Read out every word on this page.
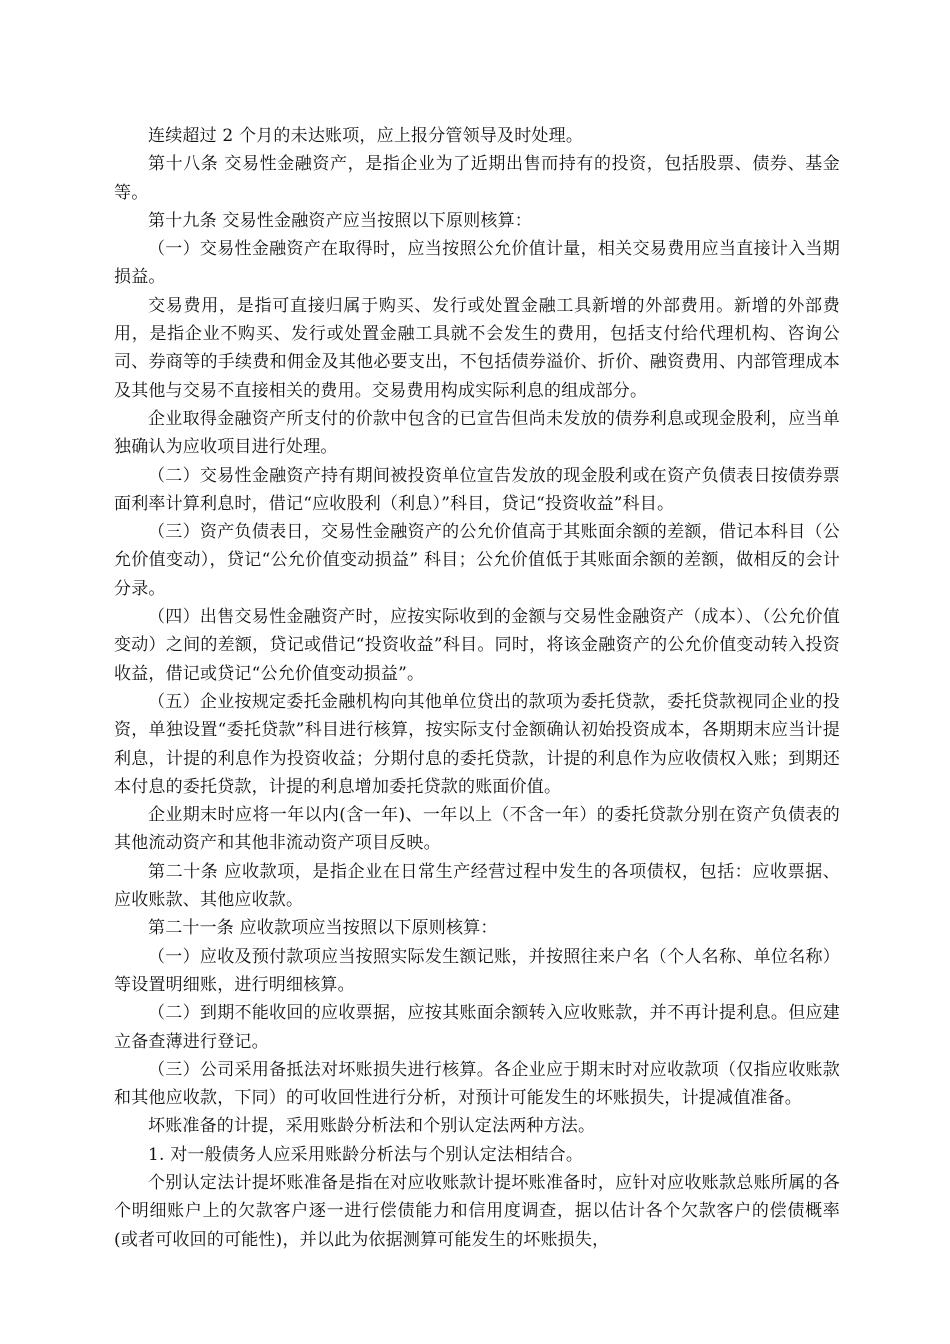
连续超过 2 个月的未达账项，应上报分管领导及时处理。

第十八条 交易性金融资产，是指企业为了近期出售而持有的投资，包括股票、债券、基金等。

第十九条 交易性金融资产应当按照以下原则核算：

（一）交易性金融资产在取得时，应当按照公允价值计量，相关交易费用应当直接计入当期损益。

交易费用，是指可直接归属于购买、发行或处置金融工具新增的外部费用。新增的外部费用，是指企业不购买、发行或处置金融工具就不会发生的费用，包括支付给代理机构、咨询公司、券商等的手续费和佣金及其他必要支出，不包括债券溢价、折价、融资费用、内部管理成本及其他与交易不直接相关的费用。交易费用构成实际利息的组成部分。

企业取得金融资产所支付的价款中包含的已宣告但尚未发放的债券利息或现金股利，应当单独确认为应收项目进行处理。

（二）交易性金融资产持有期间被投资单位宣告发放的现金股利或在资产负债表日按债券票面利率计算利息时，借记“应收股利（利息）”科目，贷记“投资收益”科目。

（三）资产负债表日，交易性金融资产的公允价值高于其账面余额的差额，借记本科目（公允价值变动），贷记“公允价值变动损益” 科目；公允价值低于其账面余额的差额，做相反的会计分录。

（四）出售交易性金融资产时，应按实际收到的金额与交易性金融资产（成本）、（公允价值变动）之间的差额，贷记或借记“投资收益”科目。同时，将该金融资产的公允价值变动转入投资收益，借记或贷记“公允价值变动损益”。

（五）企业按规定委托金融机构向其他单位贷出的款项为委托贷款，委托贷款视同企业的投资，单独设置“委托贷款”科目进行核算，按实际支付金额确认初始投资成本，各期期末应当计提利息，计提的利息作为投资收益；分期付息的委托贷款，计提的利息作为应收债权入账；到期还本付息的委托贷款，计提的利息增加委托贷款的账面价值。

企业期末时应将一年以内(含一年)、一年以上（不含一年）的委托贷款分别在资产负债表的其他流动资产和其他非流动资产项目反映。

第二十条 应收款项，是指企业在日常生产经营过程中发生的各项债权，包括：应收票据、应收账款、其他应收款。

第二十一条 应收款项应当按照以下原则核算：

（一）应收及预付款项应当按照实际发生额记账，并按照往来户名（个人名称、单位名称）等设置明细账，进行明细核算。

（二）到期不能收回的应收票据，应按其账面余额转入应收账款，并不再计提利息。但应建立备查薄进行登记。

（三）公司采用备抵法对坏账损失进行核算。各企业应于期末时对应收款项（仅指应收账款和其他应收款，下同）的可收回性进行分析，对预计可能发生的坏账损失，计提减值准备。

坏账准备的计提，采用账龄分析法和个别认定法两种方法。

1. 对一般债务人应采用账龄分析法与个别认定法相结合。

个别认定法计提坏账准备是指在对应收账款计提坏账准备时，应针对应收账款总账所属的各个明细账户上的欠款客户逐一进行偿债能力和信用度调查，据以估计各个欠款客户的偿债概率(或者可收回的可能性)，并以此为依据测算可能发生的坏账损失，
